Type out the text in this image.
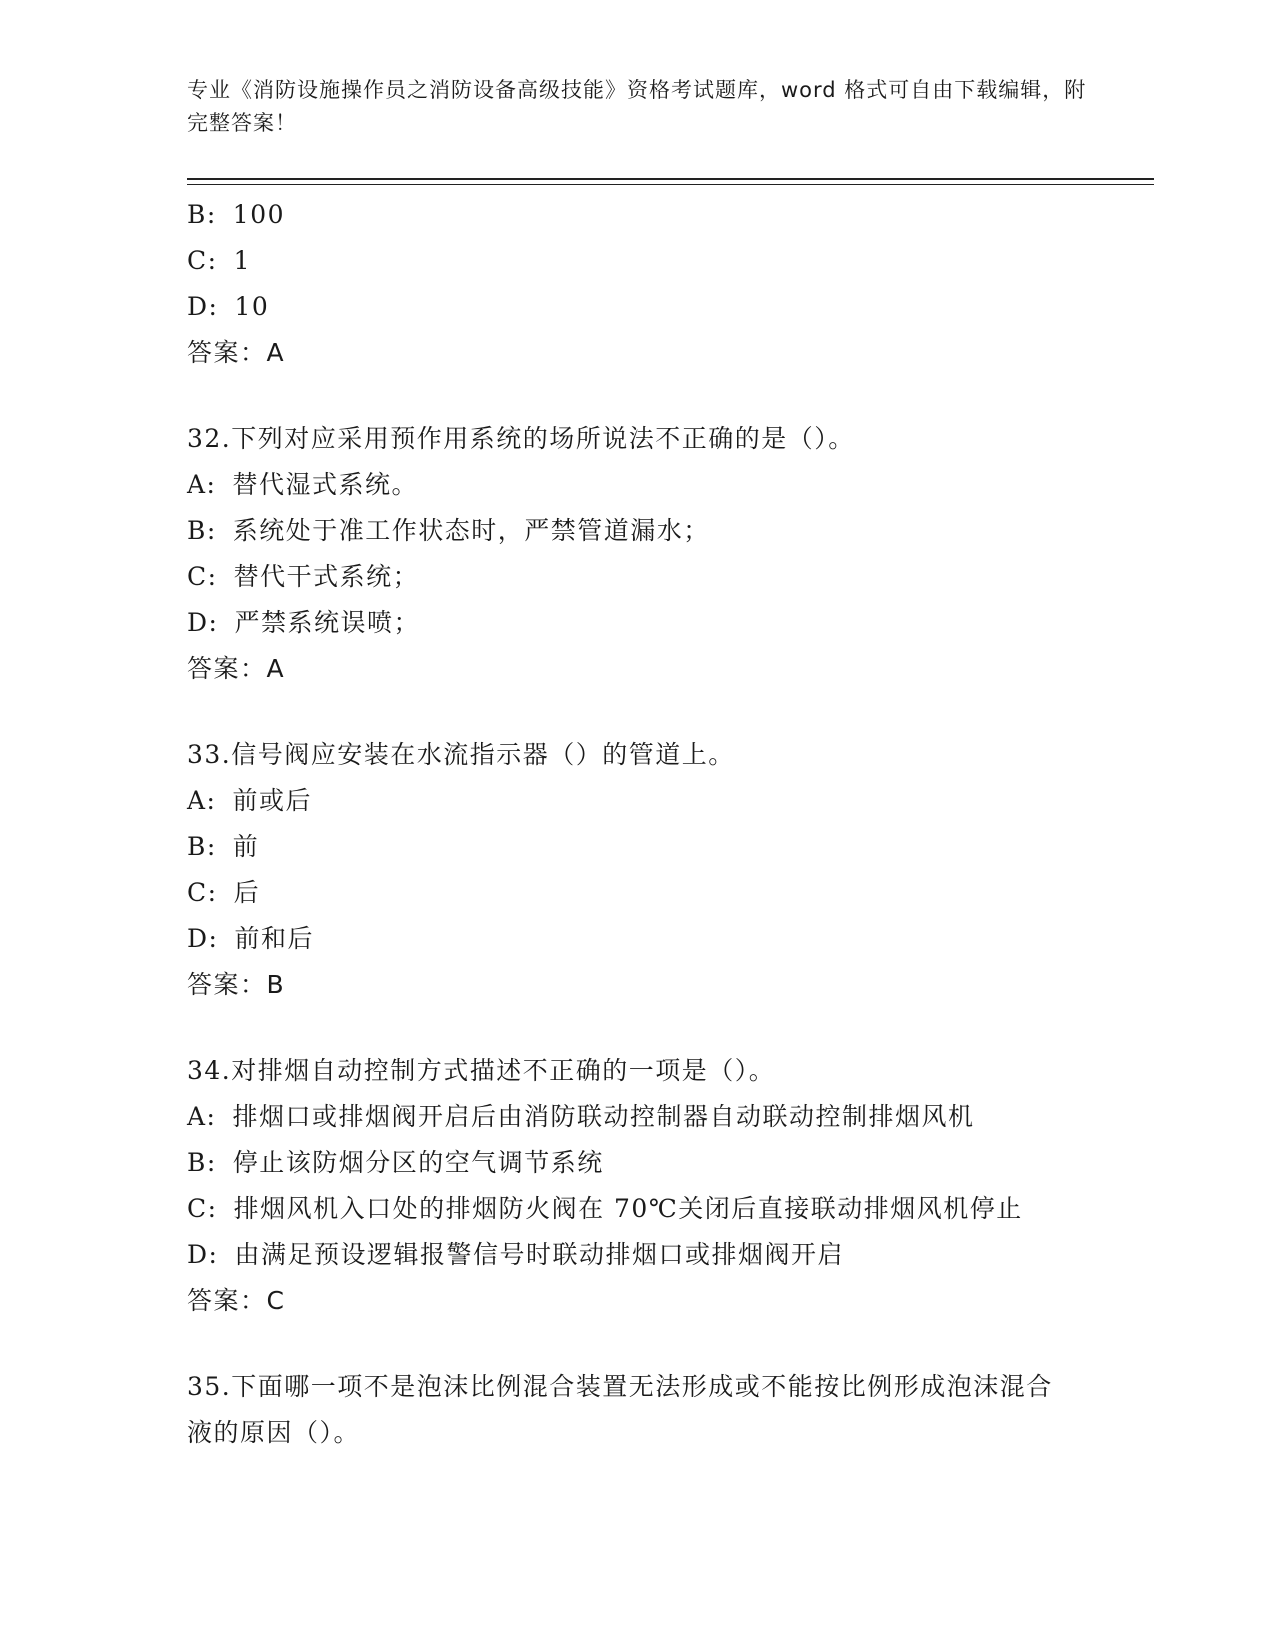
专业《消防设施操作员之消防设备高级技能》资格考试题库，word 格式可自由下载编辑，附完整答案！
B: 100
C: 1
D: 10
答案：A
32.下列对应采用预作用系统的场所说法不正确的是（）。
A: 替代湿式系统。
B: 系统处于准工作状态时，严禁管道漏水；
C: 替代干式系统；
D: 严禁系统误喷；
答案：A
33.信号阀应安装在水流指示器（）的管道上。
A: 前或后
B: 前
C: 后
D: 前和后
答案：B
34.对排烟自动控制方式描述不正确的一项是（）。
A: 排烟口或排烟阀开启后由消防联动控制器自动联动控制排烟风机
B: 停止该防烟分区的空气调节系统
C: 排烟风机入口处的排烟防火阀在 70℃关闭后直接联动排烟风机停止
D: 由满足预设逻辑报警信号时联动排烟口或排烟阀开启
答案：C
35.下面哪一项不是泡沫比例混合装置无法形成或不能按比例形成泡沫混合液的原因（）。
